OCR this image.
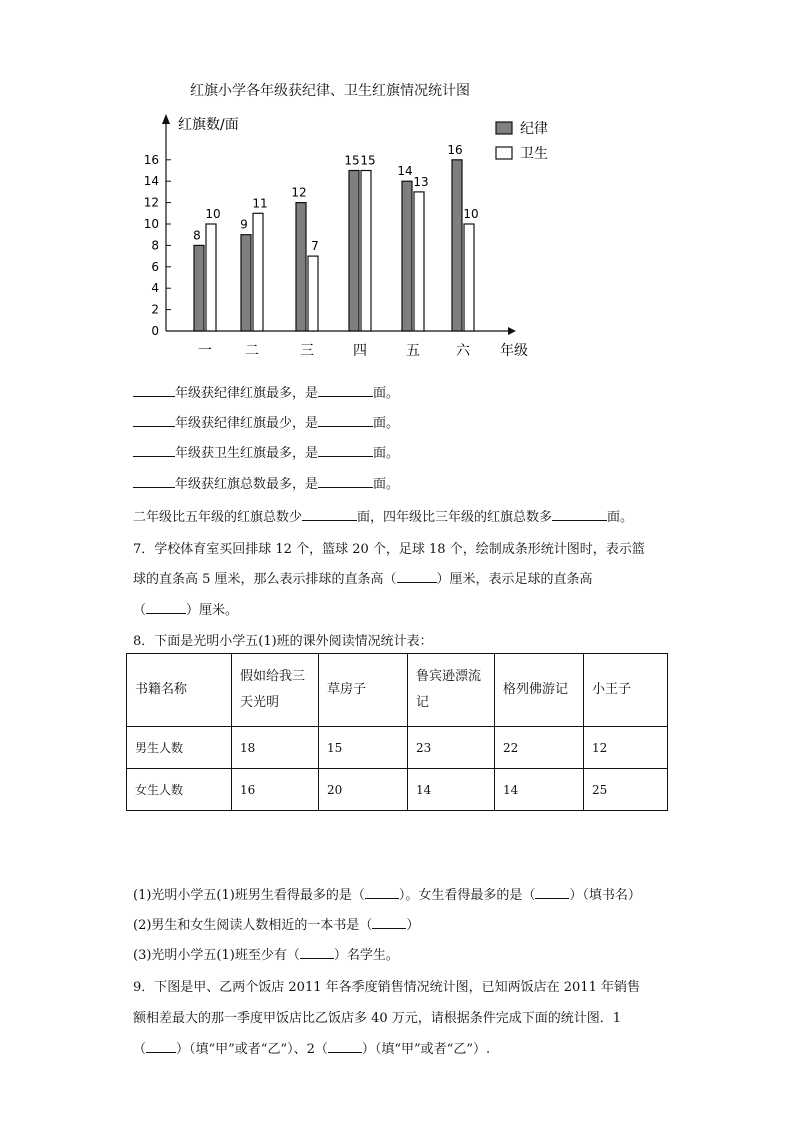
红旗小学各年级获纪律、卫生红旗情况统计图
红旗数/面
0
2
4
6
8
10
12
14
16
8
10
一
9
11
二
12
7
三
15 15
四
14
13
五
16
10
六 年级
纪律
卫生
年级获纪律红旗最多，是	面。
年级获纪律红旗最少，是	面。
年级获卫生红旗最多，是	面。
年级获红旗总数最多，是	面。
二年级比五年级的红旗总数少	面，四年级比三年级的红旗总数多	面。
7．学校体育室买回排球 12 个，篮球 20 个，足球 18 个，绘制成条形统计图时，表示篮
球的直条高 5 厘米，那么表示排球的直条高（	）厘米，表示足球的直条高
（	）厘米。
8．下面是光明小学五(1)班的课外阅读情况统计表：
书籍名称	假如给我三天光明	草房子	鲁宾逊漂流记	格列佛游记	小王子
男生人数	18	15	23	22	12
女生人数	16	20	14	14	25
(1)光明小学五(1)班男生看得最多的是（	）。女生看得最多的是（	）（填书名）
(2)男生和女生阅读人数相近的一本书是（	）
(3)光明小学五(1)班至少有（	）名学生。
9．下图是甲、乙两个饭店 2011 年各季度销售情况统计图，已知两饭店在 2011 年销售
额相差最大的那一季度甲饭店比乙饭店多 40 万元，请根据条件完成下面的统计图．1
（ ）（填“甲”或者“乙”）、2（	）（填“甲”或者“乙”）.
